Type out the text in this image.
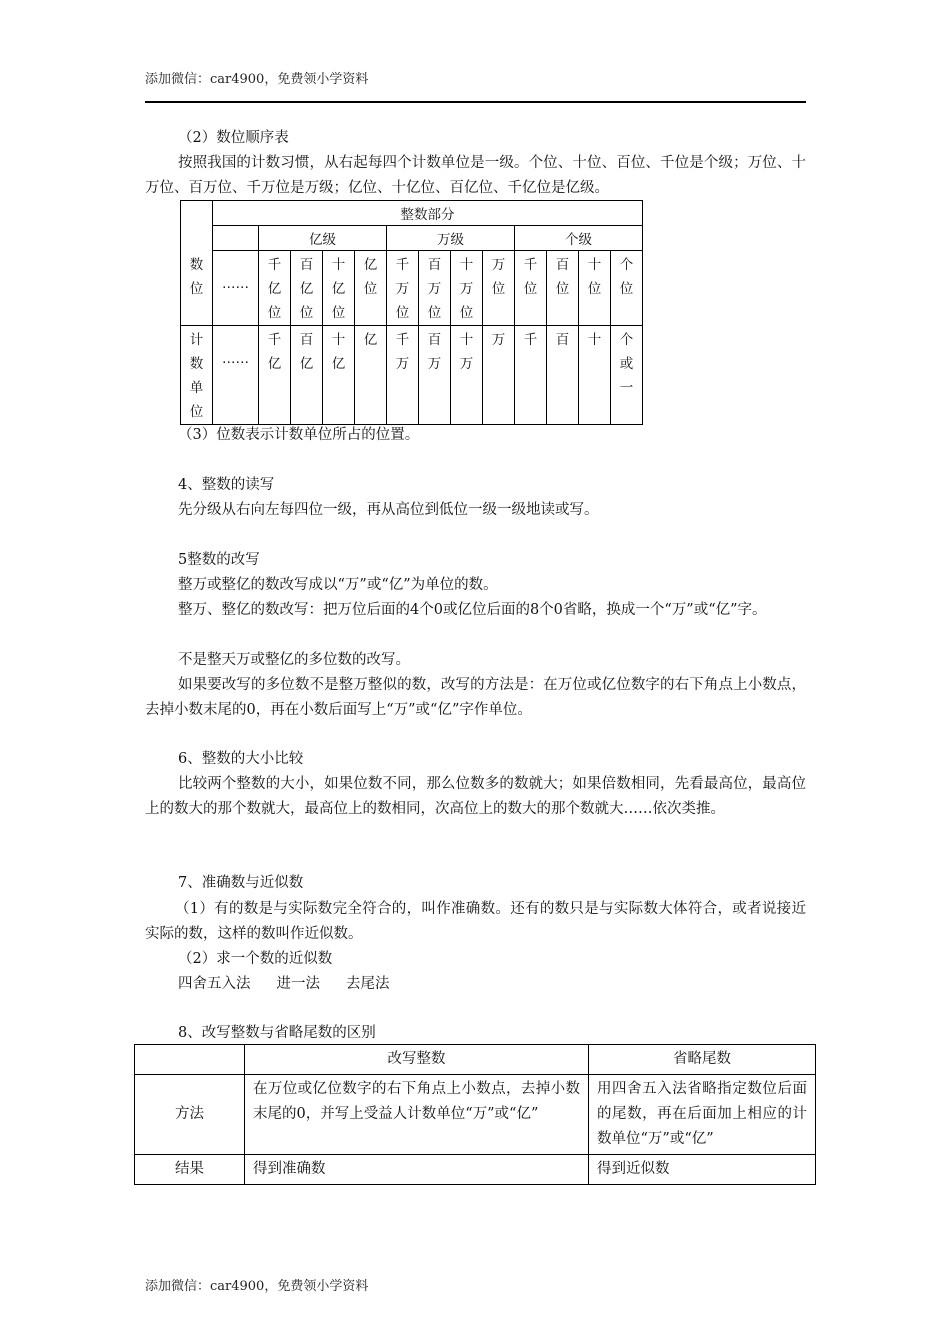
添加微信：car4900，免费领小学资料
（2）数位顺序表
按照我国的计数习惯，从右起每四个计数单位是一级。个位、十位、百位、千位是个级；万位、十万位、百万位、千万位是万级；亿位、十亿位、百亿位、千亿位是亿级。
	整数部分												
		亿级				万级				个级			
数位	……	千亿位	百亿位	十亿位	亿位	千万位	百万位	十万位	万位	千位	百位	十位	个位
计数单位	……	千亿	百亿	十亿	亿	千万	百万	十万	万	千	百	十	个或一
（3）位数表示计数单位所占的位置。
4、整数的读写
先分级从右向左每四位一级，再从高位到低位一级一级地读或写。
5整数的改写
整万或整亿的数改写成以“万”或“亿”为单位的数。
整万、整亿的数改写：把万位后面的4个0或亿位后面的8个0省略，换成一个“万”或“亿”字。
不是整天万或整亿的多位数的改写。
如果要改写的多位数不是整万整似的数，改写的方法是：在万位或亿位数字的右下角点上小数点，去掉小数末尾的0，再在小数后面写上“万”或“亿”字作单位。
6、整数的大小比较
比较两个整数的大小，如果位数不同，那么位数多的数就大；如果倍数相同，先看最高位，最高位上的数大的那个数就大，最高位上的数相同，次高位上的数大的那个数就大……依次类推。
7、准确数与近似数
（1）有的数是与实际数完全符合的，叫作准确数。还有的数只是与实际数大体符合，或者说接近实际的数，这样的数叫作近似数。
（2）求一个数的近似数
四舍五入法 进一法 去尾法
8、改写整数与省略尾数的区别
	改写整数	省略尾数
方法	在万位或亿位数字的右下角点上小数点，去掉小数末尾的0，并写上受益人计数单位“万”或“亿”	用四舍五入法省略指定数位后面的尾数，再在后面加上相应的计数单位“万”或“亿”
结果	得到准确数	得到近似数
添加微信：car4900，免费领小学资料
